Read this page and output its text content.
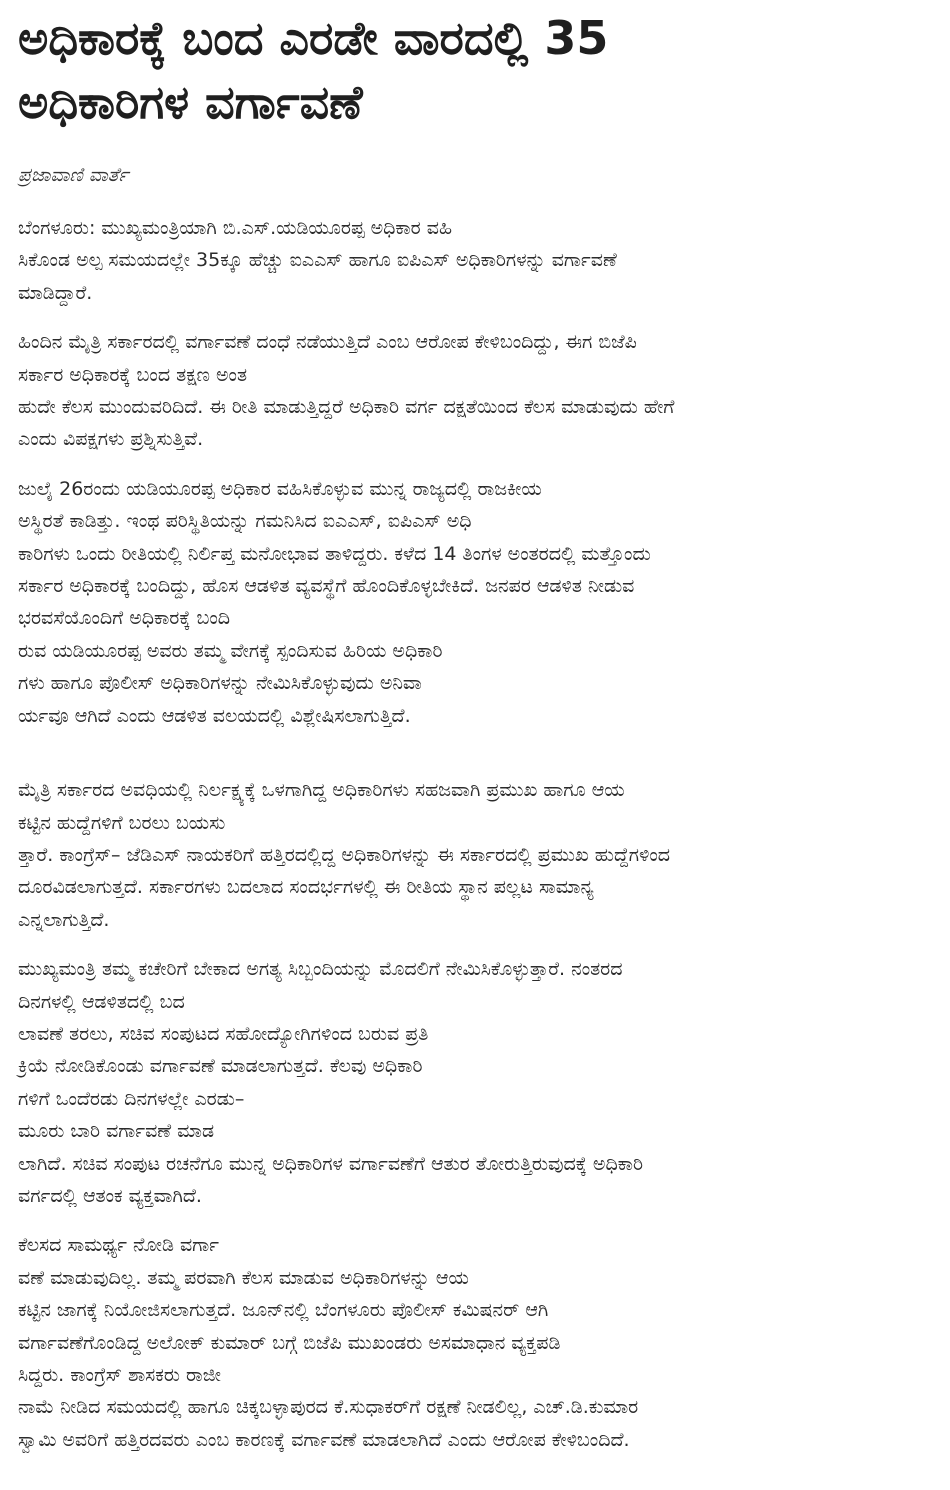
ಅಧಿಕಾರಕ್ಕೆ ಬಂದ ಎರಡೇ ವಾರದಲ್ಲಿ 35
ಅಧಿಕಾರಿಗಳ ವರ್ಗಾವಣೆ
ಪ್ರಜಾವಾಣಿ ವಾರ್ತೆ

ಬೆಂಗಳೂರು: ಮುಖ್ಯಮಂತ್ರಿಯಾಗಿ ಬಿ.ಎಸ್.ಯಡಿಯೂರಪ್ಪ ಅಧಿಕಾರ ವಹಿ
ಸಿಕೊಂಡ ಅಲ್ಪ ಸಮಯದಲ್ಲೇ 35ಕ್ಕೂ ಹೆಚ್ಚು ಐಎಎಸ್ ಹಾಗೂ ಐಪಿಎಸ್ ಅಧಿಕಾರಿಗಳನ್ನು ವರ್ಗಾವಣೆ
ಮಾಡಿದ್ದಾರೆ.

ಹಿಂದಿನ ಮೈತ್ರಿ ಸರ್ಕಾರದಲ್ಲಿ ವರ್ಗಾವಣೆ ದಂಧೆ ನಡೆಯುತ್ತಿದೆ ಎಂಬ ಆರೋಪ ಕೇಳಿಬಂದಿದ್ದು, ಈಗ ಬಿಜೆಪಿ
ಸರ್ಕಾರ ಅಧಿಕಾರಕ್ಕೆ ಬಂದ ತಕ್ಷಣ ಅಂತ
ಹುದೇ ಕೆಲಸ ಮುಂದುವರಿದಿದೆ. ಈ ರೀತಿ ಮಾಡುತ್ತಿದ್ದರೆ ಅಧಿಕಾರಿ ವರ್ಗ ದಕ್ಷತೆಯಿಂದ ಕೆಲಸ ಮಾಡುವುದು ಹೇಗೆ
ಎಂದು ವಿಪಕ್ಷಗಳು ಪ್ರಶ್ನಿಸುತ್ತಿವೆ.

ಜುಲೈ 26ರಂದು ಯಡಿಯೂರಪ್ಪ ಅಧಿಕಾರ ವಹಿಸಿಕೊಳ್ಳುವ ಮುನ್ನ ರಾಜ್ಯದಲ್ಲಿ ರಾಜಕೀಯ
ಅಸ್ಥಿರತೆ ಕಾಡಿತ್ತು. ಇಂಥ ಪರಿಸ್ಥಿತಿಯನ್ನು ಗಮನಿಸಿದ ಐಎಎಸ್, ಐಪಿಎಸ್ ಅಧಿ
ಕಾರಿಗಳು ಒಂದು ರೀತಿಯಲ್ಲಿ ನಿರ್ಲಿಪ್ತ ಮನೋಭಾವ ತಾಳಿದ್ದರು. ಕಳೆದ 14 ತಿಂಗಳ ಅಂತರದಲ್ಲಿ ಮತ್ತೊಂದು
ಸರ್ಕಾರ ಅಧಿಕಾರಕ್ಕೆ ಬಂದಿದ್ದು, ಹೊಸ ಆಡಳಿತ ವ್ಯವಸ್ಥೆಗೆ ಹೊಂದಿಕೊಳ್ಳಬೇಕಿದೆ. ಜನಪರ ಆಡಳಿತ ನೀಡುವ
ಭರವಸೆಯೊಂದಿಗೆ ಅಧಿಕಾರಕ್ಕೆ ಬಂದಿ
ರುವ ಯಡಿಯೂರಪ್ಪ ಅವರು ತಮ್ಮ ವೇಗಕ್ಕೆ ಸ್ಪಂದಿಸುವ ಹಿರಿಯ ಅಧಿಕಾರಿ
ಗಳು ಹಾಗೂ ಪೊಲೀಸ್ ಅಧಿಕಾರಿಗಳನ್ನು ನೇಮಿಸಿಕೊಳ್ಳುವುದು ಅನಿವಾ
ರ್ಯವೂ ಆಗಿದೆ ಎಂದು ಆಡಳಿತ ವಲಯದಲ್ಲಿ ವಿಶ್ಲೇಷಿಸಲಾಗುತ್ತಿದೆ.

ಮೈತ್ರಿ ಸರ್ಕಾರದ ಅವಧಿಯಲ್ಲಿ ನಿರ್ಲಕ್ಷ್ಯಕ್ಕೆ ಒಳಗಾಗಿದ್ದ ಅಧಿಕಾರಿಗಳು ಸಹಜವಾಗಿ ಪ್ರಮುಖ ಹಾಗೂ ಆಯ
ಕಟ್ಟಿನ ಹುದ್ದೆಗಳಿಗೆ ಬರಲು ಬಯಸು
ತ್ತಾರೆ. ಕಾಂಗ್ರೆಸ್‌– ಜೆಡಿಎಸ್ ನಾಯಕರಿಗೆ ಹತ್ತಿರದಲ್ಲಿದ್ದ ಅಧಿಕಾರಿಗಳನ್ನು ಈ ಸರ್ಕಾರದಲ್ಲಿ ಪ್ರಮುಖ ಹುದ್ದೆಗಳಿಂದ
ದೂರವಿಡಲಾಗುತ್ತದೆ. ಸರ್ಕಾರಗಳು ಬದಲಾದ ಸಂದರ್ಭಗಳಲ್ಲಿ ಈ ರೀತಿಯ ಸ್ಥಾನ ಪಲ್ಲಟ ಸಾಮಾನ್ಯ
ಎನ್ನಲಾಗುತ್ತಿದೆ.

ಮುಖ್ಯಮಂತ್ರಿ ತಮ್ಮ ಕಚೇರಿಗೆ ಬೇಕಾದ ಅಗತ್ಯ ಸಿಬ್ಬಂದಿಯನ್ನು ಮೊದಲಿಗೆ ನೇಮಿಸಿಕೊಳ್ಳುತ್ತಾರೆ. ನಂತರದ
ದಿನಗಳಲ್ಲಿ ಆಡಳಿತದಲ್ಲಿ ಬದ
ಲಾವಣೆ ತರಲು, ಸಚಿವ ಸಂಪುಟದ ಸಹೋದ್ಯೋಗಿಗಳಿಂದ ಬರುವ ಪ್ರತಿ
ಕ್ರಿಯೆ ನೋಡಿಕೊಂಡು ವರ್ಗಾವಣೆ ಮಾಡಲಾಗುತ್ತದೆ. ಕೆಲವು ಅಧಿಕಾರಿ
ಗಳಿಗೆ ಒಂದೆರಡು ದಿನಗಳಲ್ಲೇ ಎರಡು–
ಮೂರು ಬಾರಿ ವರ್ಗಾವಣೆ ಮಾಡ
ಲಾಗಿದೆ. ಸಚಿವ ಸಂಪುಟ ರಚನೆಗೂ ಮುನ್ನ ಅಧಿಕಾರಿಗಳ ವರ್ಗಾವಣೆಗೆ ಆತುರ ತೋರುತ್ತಿರುವುದಕ್ಕೆ ಅಧಿಕಾರಿ
ವರ್ಗದಲ್ಲಿ ಆತಂಕ ವ್ಯಕ್ತವಾಗಿದೆ.

ಕೆಲಸದ ಸಾಮರ್ಥ್ಯ ನೋಡಿ ವರ್ಗಾ
ವಣೆ ಮಾಡುವುದಿಲ್ಲ. ತಮ್ಮ ಪರವಾಗಿ ಕೆಲಸ ಮಾಡುವ ಅಧಿಕಾರಿಗಳನ್ನು ಆಯ
ಕಟ್ಟಿನ ಜಾಗಕ್ಕೆ ನಿಯೋಜಿಸಲಾಗುತ್ತದೆ. ಜೂನ್‌ನಲ್ಲಿ ಬೆಂಗಳೂರು ಪೊಲೀಸ್ ಕಮಿಷನರ್ ಆಗಿ
ವರ್ಗಾವಣೆಗೊಂಡಿದ್ದ ಅಲೋಕ್ ಕುಮಾರ್ ಬಗ್ಗೆ ಬಿಜೆಪಿ ಮುಖಂಡರು ಅಸಮಾಧಾನ ವ್ಯಕ್ತಪಡಿ
ಸಿದ್ದರು. ಕಾಂಗ್ರೆಸ್ ಶಾಸಕರು ರಾಜೀ
ನಾಮೆ ನೀಡಿದ ಸಮಯದಲ್ಲಿ ಹಾಗೂ ಚಿಕ್ಕಬಳ್ಳಾಪುರದ ಕೆ.ಸುಧಾಕರ್‌ಗೆ ರಕ್ಷಣೆ ನೀಡಲಿಲ್ಲ, ಎಚ್.ಡಿ.ಕುಮಾರ
ಸ್ವಾಮಿ ಅವರಿಗೆ ಹತ್ತಿರದವರು ಎಂಬ ಕಾರಣಕ್ಕೆ ವರ್ಗಾವಣೆ ಮಾಡಲಾಗಿದೆ ಎಂದು ಆರೋಪ ಕೇಳಿಬಂದಿದೆ.
